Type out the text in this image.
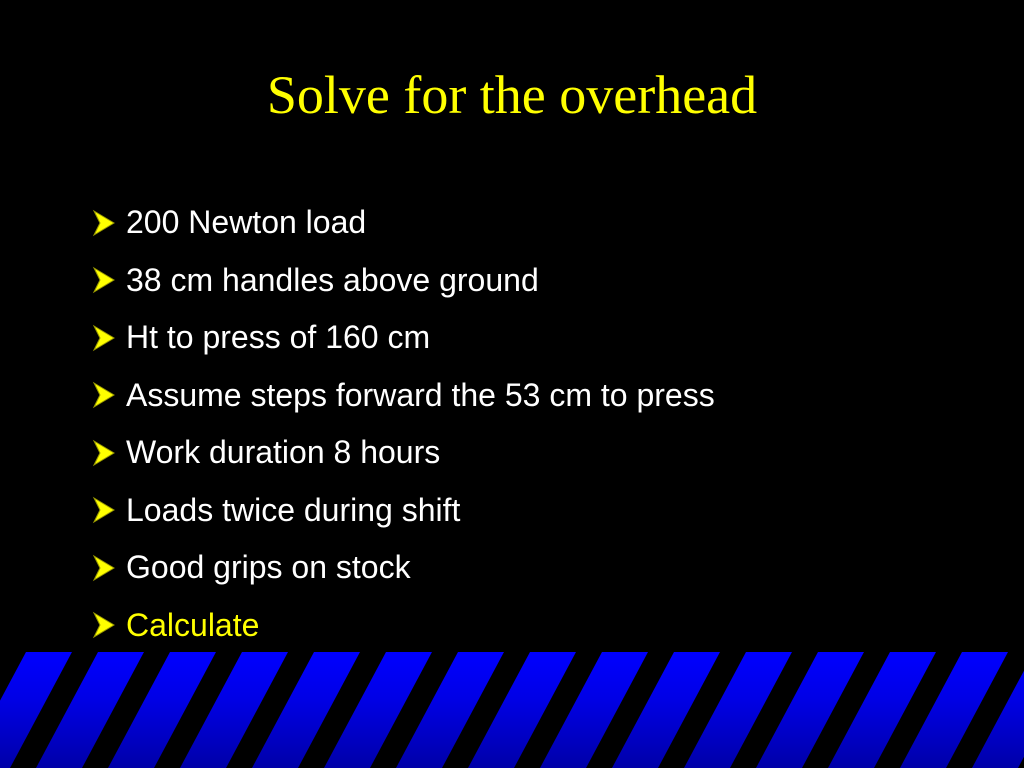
Solve for the overhead
200 Newton load
38 cm handles above ground
Ht to press of 160 cm
Assume steps forward the 53 cm to press
Work duration 8 hours
Loads twice during shift
Good grips on stock
Calculate
